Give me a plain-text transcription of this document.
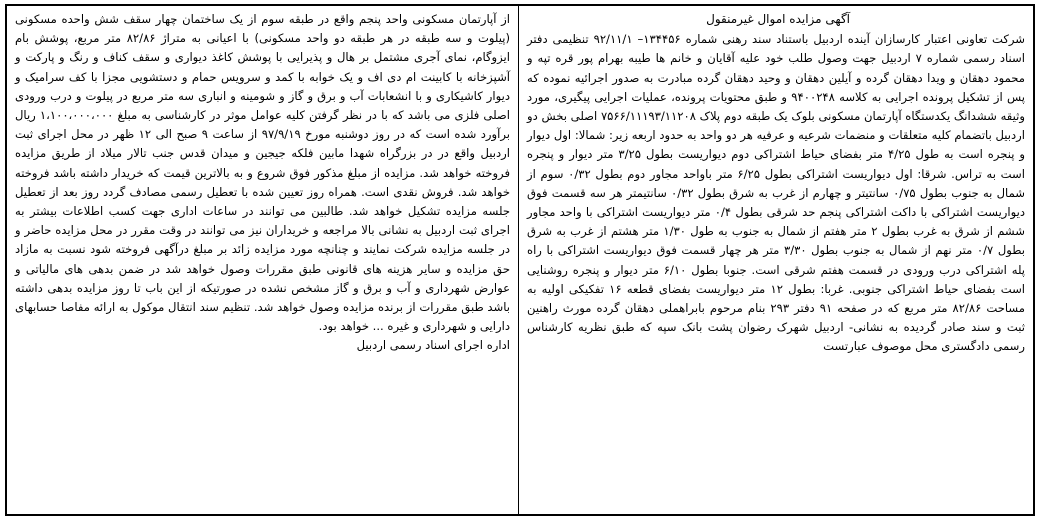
آگهی مزایده اموال غیرمنقول

شرکت تعاونی اعتبار کارسازان آینده اردبیل باستناد سند رهنی شماره ۱۳۴۴۵۶– ۹۲/۱۱/۱ تنظیمی دفتر اسناد رسمی شماره ۷ اردبیل جهت وصول طلب خود علیه آقایان و خانم ها طیبه بهرام پور قره تپه و محمود دهقان و ویدا دهقان گرده و آیلین دهقان و وحید دهقان گرده مبادرت به صدور اجرائیه نموده که پس از تشکیل پرونده اجرایی به کلاسه ۹۴۰۰۲۴۸ و طبق محتویات پرونده، عملیات اجرایی پیگیری، مورد وثیقه ششدانگ یکدستگاه آپارتمان مسکونی بلوک یک طبقه دوم پلاک ۷۵۶۶/۱۱۱۹۳/۱۱۲۰۸ اصلی بخش دو اردبیل باتضمام کلیه متعلقات و منضمات شرعیه و عرفیه هر دو واحد به حدود اربعه زیر: شمالا: اول دیوار و پنجره است به طول ۴/۲۵ متر بفضای حیاط اشتراکی دوم دیواریست بطول ۳/۲۵ متر دیوار و پنجره است به تراس. شرقا: اول دیواریست اشتراکی بطول ۶/۲۵ متر باواحد مجاور دوم بطول ۰/۳۲ سوم از شمال به جنوب بطول ۰/۷۵ سانتیتر و چهارم از غرب به شرق بطول ۰/۳۲ سانتیمتر هر سه قسمت فوق دیواریست اشتراکی با داکت اشتراکی پنجم حد شرقی بطول ۰/۴ متر دیواریست اشتراکی با واحد مجاور ششم از شرق به غرب بطول ۲ متر هفتم از شمال به جنوب به طول ۱/۳۰ متر هشتم از غرب به شرق بطول ۰/۷ متر نهم از شمال به جنوب بطول ۳/۳۰ متر هر چهار قسمت فوق دیواریست اشتراکی با راه پله اشتراکی درب ورودی در قسمت هفتم شرقی است. جنوبا بطول ۶/۱۰ متر دیوار و پنجره روشنایی است بفضای حیاط اشتراکی جنوبی. غربا: بطول ۱۲ متر دیواریست بفضای قطعه ۱۶ تفکیکی اولیه به مساحت ۸۲/۸۶ متر مربع که در صفحه ۹۱ دفتر ۲۹۳ بنام مرحوم بابراهملی دهقان گرده مورث راهنین ثبت و سند صادر گردیده به نشانی- اردبیل شهرک رضوان پشت بانک سپه که طبق نظریه کارشناس رسمی دادگستری محل موصوف عبارتست

از آپارتمان مسکونی واحد پنجم واقع در طبقه سوم از یک ساختمان چهار سقف شش واحده مسکونی (پیلوت و سه طبقه در هر طبقه دو واحد مسکونی) با اعیانی به متراژ ۸۲/۸۶ متر مربع، پوشش بام ایزوگام، نمای آجری مشتمل بر هال و پذیرایی با پوشش کاغذ دیواری و سقف کناف و رنگ و پارکت و آشپزخانه با کابینت ام دی اف و یک خوابه با کمد و سرویس حمام و دستشویی مجزا با کف سرامیک و دیوار کاشیکاری و با انشعابات آب و برق و گاز و شومینه و انباری سه متر مربع در پیلوت و درب ورودی اصلی فلزی می باشد که با در نظر گرفتن کلیه عوامل موثر در کارشناسی به مبلغ ۱،۱۰۰،۰۰۰،۰۰۰ ریال برآورد شده است که در روز دوشنبه مورخ ۹۷/۹/۱۹ از ساعت ۹ صبح الی ۱۲ ظهر در محل اجرای ثبت اردبیل واقع در در بزرگراه شهدا مابین فلکه جیجین و میدان قدس جنب تالار میلاد از طریق مزایده فروخته خواهد شد. مزایده از مبلغ مذکور فوق شروع و به بالاترین قیمت که خریدار داشته باشد فروخته خواهد شد. فروش نقدی است. همراه روز تعیین شده با تعطیل رسمی مصادف گردد روز بعد از تعطیل جلسه مزایده تشکیل خواهد شد. طالبین می توانند در ساعات اداری جهت کسب اطلاعات بیشتر به اجرای ثبت اردبیل به نشانی بالا مراجعه و خریداران نیز می توانند در وقت مقرر در محل مزایده حاضر و در جلسه مزایده شرکت نمایند و چنانچه مورد مزایده زائد بر مبلغ درآگهی فروخته شود نسبت به مازاد حق مزایده و سایر هزینه های قانونی طبق مقررات وصول خواهد شد در ضمن بدهی های مالیاتی و عوارض شهرداری و آب و برق و گاز مشخص نشده در صورتیکه از این باب تا روز مزایده بدهی داشته باشد طبق مقررات از برنده مزایده وصول خواهد شد. تنظیم سند انتقال موکول به ارائه مفاصا حسابهای دارایی و شهرداری و غیره ... خواهد بود.

اداره اجرای اسناد رسمی اردبیل
